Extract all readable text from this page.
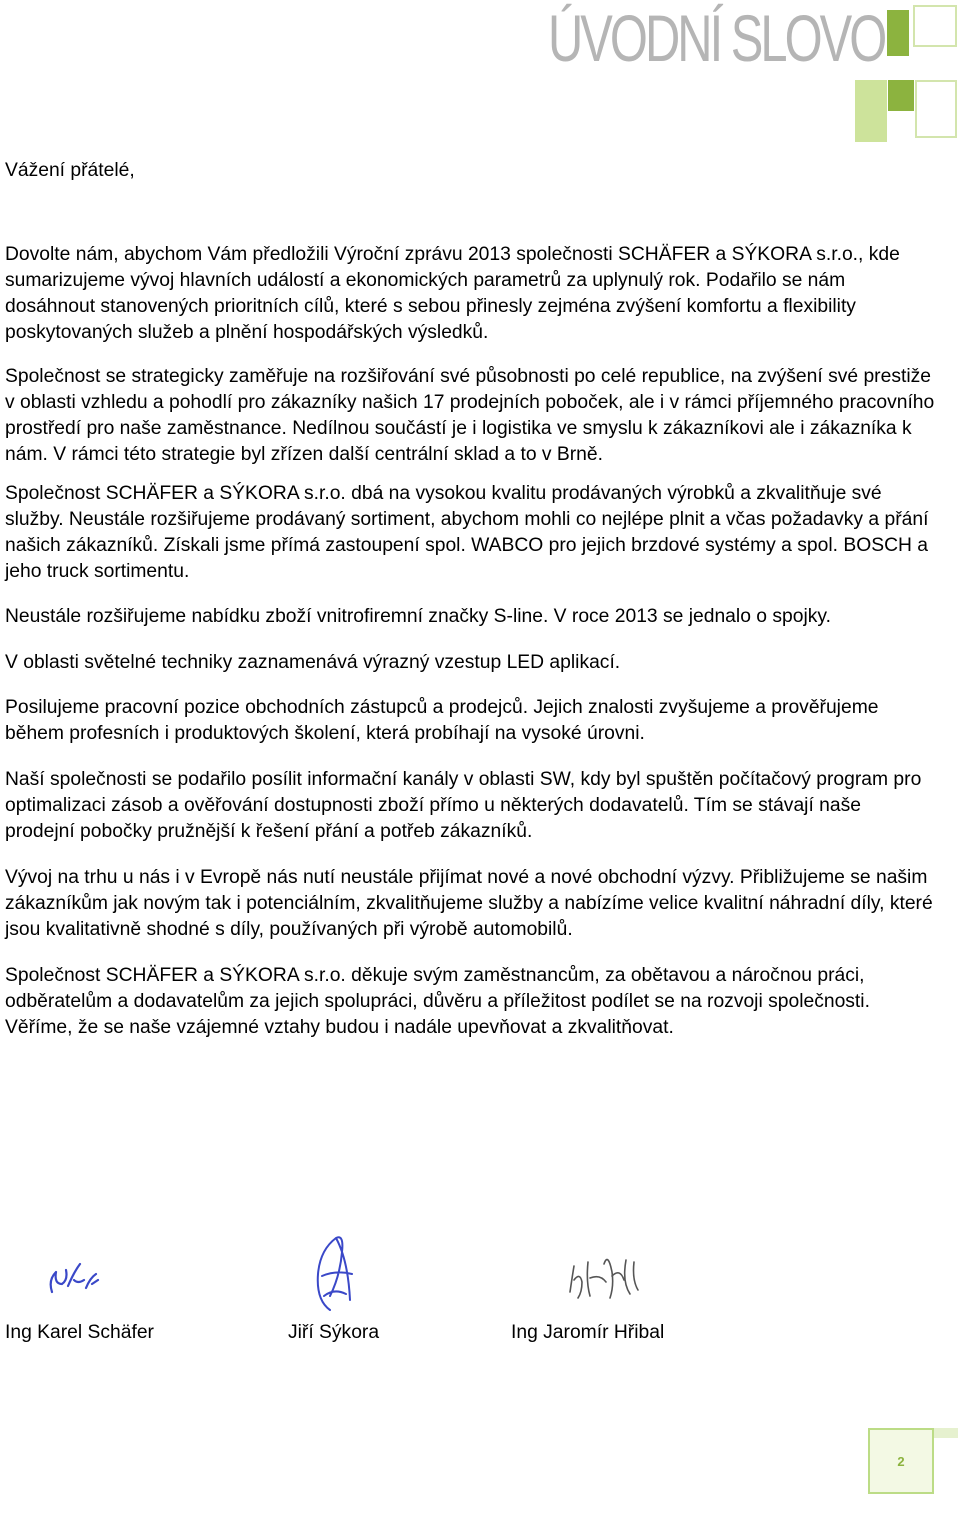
ÚVODNÍ SLOVO

Vážení přátelé,

Dovolte nám, abychom Vám předložili Výroční zprávu 2013 společnosti SCHÄFER a SÝKORA s.r.o., kde sumarizujeme vývoj hlavních událostí a ekonomických parametrů za uplynulý rok. Podařilo se nám dosáhnout stanovených prioritních cílů, které s sebou přinesly zejména zvýšení komfortu a flexibility poskytovaných služeb a plnění hospodářských výsledků.

Společnost se strategicky zaměřuje na rozšiřování své působnosti po celé republice, na zvýšení své prestiže v oblasti vzhledu a pohodlí pro zákazníky našich 17 prodejních poboček, ale i v rámci příjemného pracovního prostředí pro naše zaměstnance. Nedílnou součástí je i logistika ve smyslu k zákazníkovi ale i zákazníka k nám. V rámci této strategie byl zřízen další centrální sklad a to v Brně.

Společnost SCHÄFER a SÝKORA s.r.o. dbá na vysokou kvalitu prodávaných výrobků a zkvalitňuje své služby. Neustále rozšiřujeme prodávaný sortiment, abychom mohli co nejlépe plnit a včas požadavky a přání našich zákazníků. Získali jsme přímá zastoupení spol. WABCO pro jejich brzdové systémy a spol. BOSCH a jeho truck sortimentu.

Neustále rozšiřujeme nabídku zboží vnitrofiremní značky S-line. V roce 2013 se jednalo o spojky.

V oblasti světelné techniky zaznamenává výrazný vzestup LED aplikací.

Posilujeme pracovní pozice obchodních zástupců a prodejců. Jejich znalosti zvyšujeme a prověřujeme během profesních i produktových školení, která probíhají na vysoké úrovni.

Naší společnosti se podařilo posílit informační kanály v oblasti SW, kdy byl spuštěn počítačový program pro optimalizaci zásob a ověřování dostupnosti zboží přímo u některých dodavatelů. Tím se stávají naše prodejní pobočky pružnější k řešení přání a potřeb zákazníků.

Vývoj na trhu u nás i v Evropě nás nutí neustále přijímat nové a nové obchodní výzvy. Přibližujeme se našim zákazníkům jak novým tak i potenciálním, zkvalitňujeme služby a nabízíme velice kvalitní náhradní díly, které jsou kvalitativně shodné s díly, používaných při výrobě automobilů.

Společnost SCHÄFER a SÝKORA s.r.o. děkuje svým zaměstnancům, za obětavou a náročnou práci, odběratelům a dodavatelům za jejich spolupráci, důvěru a příležitost podílet se na rozvoji společnosti. Věříme, že se naše vzájemné vztahy budou i nadále upevňovat a zkvalitňovat.

Ing Karel Schäfer	Jiří Sýkora	Ing Jaromír Hřibal
2
